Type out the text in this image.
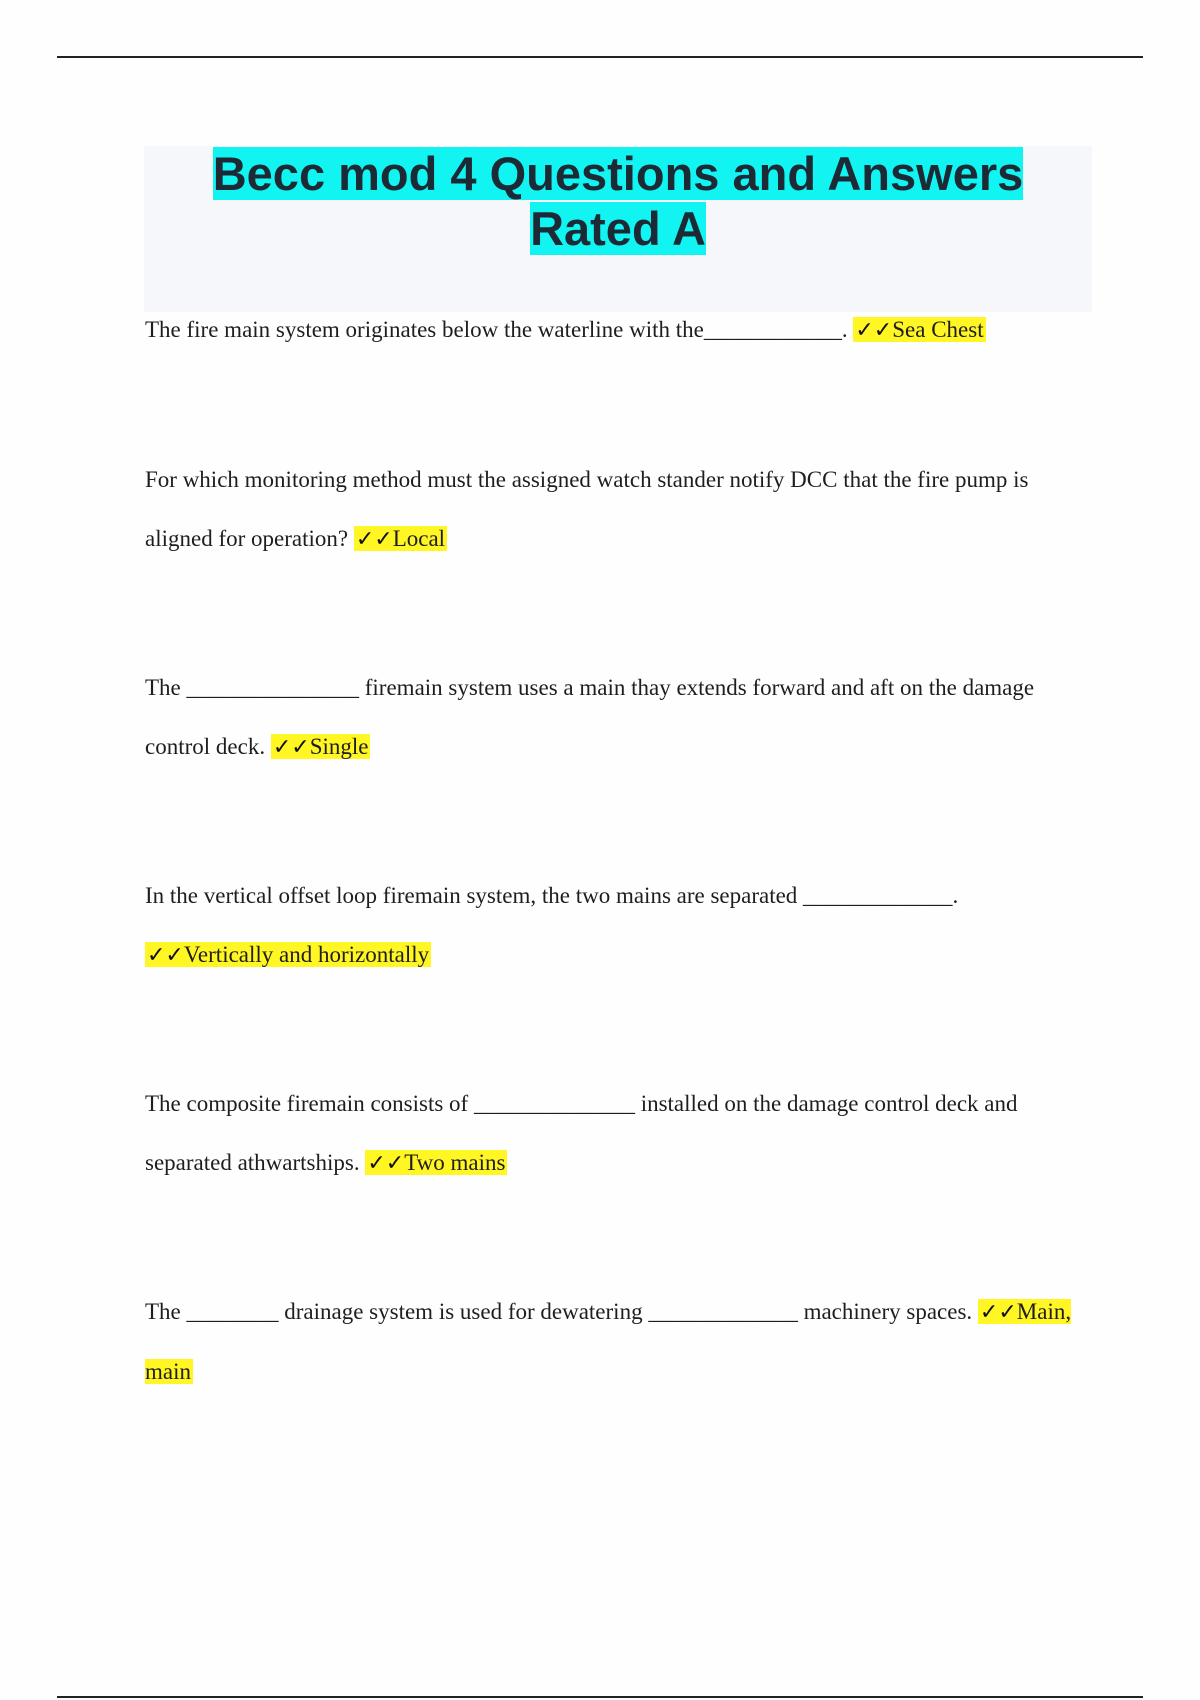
Becc mod 4 Questions and Answers
Rated A

The fire main system originates below the waterline with the____________. ✓✓Sea Chest

For which monitoring method must the assigned watch stander notify DCC that the fire pump is aligned for operation? ✓✓Local

The _______________ firemain system uses a main thay extends forward and aft on the damage control deck. ✓✓Single

In the vertical offset loop firemain system, the two mains are separated _____________. ✓✓Vertically and horizontally

The composite firemain consists of ______________ installed on the damage control deck and separated athwartships. ✓✓Two mains

The ________ drainage system is used for dewatering _____________ machinery spaces. ✓✓Main, main
